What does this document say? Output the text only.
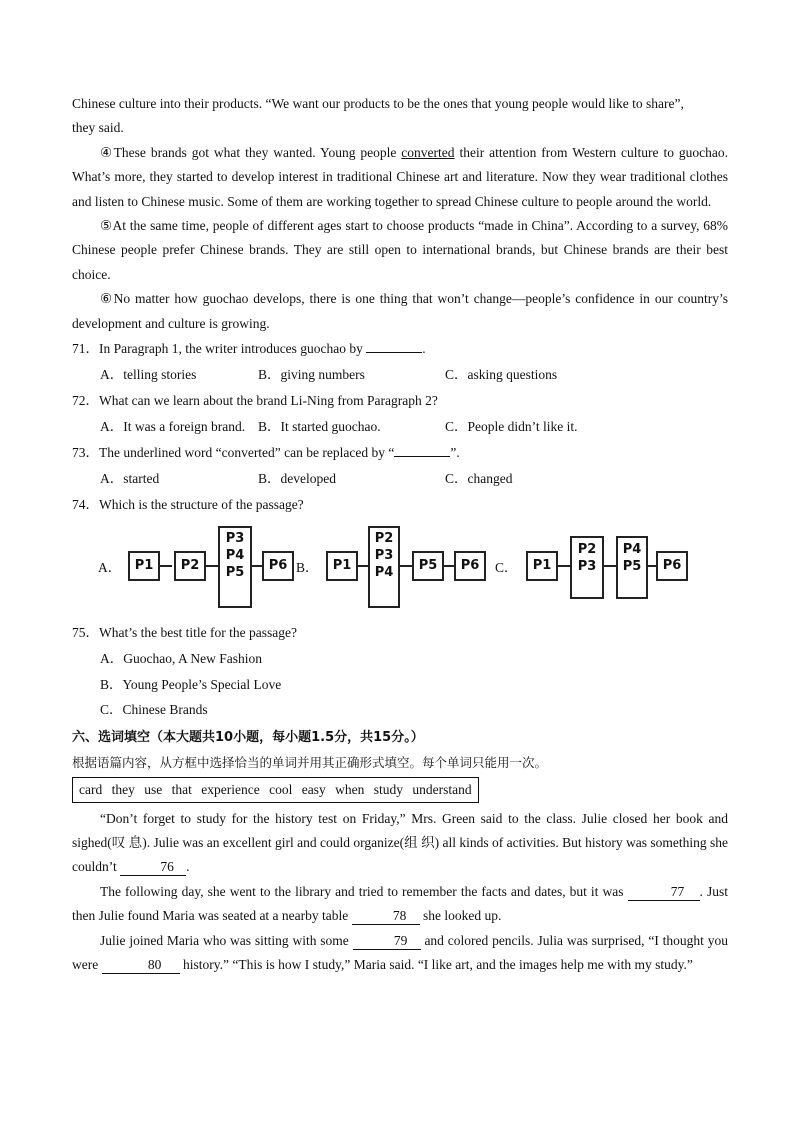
Chinese culture into their products. “We want our products to be the ones that young people would like to share”,
they said.
④These brands got what they wanted. Young people converted their attention from Western culture to guochao. What’s more, they started to develop interest in traditional Chinese art and literature. Now they wear traditional clothes and listen to Chinese music. Some of them are working together to spread Chinese culture to people around the world.
⑤At the same time, people of different ages start to choose products “made in China”. According to a survey, 68% Chinese people prefer Chinese brands. They are still open to international brands, but Chinese brands are their best choice.
⑥No matter how guochao develops, there is one thing that won’t change—people’s confidence in our country’s development and culture is growing.
71．In Paragraph 1, the writer introduces guochao by	.
A．telling stories	B．giving numbers	C．asking questions
72．What can we learn about the brand Li-Ning from Paragraph 2?
A．It was a foreign brand. B．It started guochao.	C．People didn’t like it.
73．The underlined word “converted” can be replaced by “	”.
A．started	B．developed	C．changed
74．Which is the structure of the passage?
A．	P1	P2
P3
P4
P5	P6 B．	P1
P2
P3
P4	P5	P6	C．	P1
P2
P3
P4
P5	P6
75．What’s the best title for the passage?
A．Guochao, A New Fashion
B．Young People’s Special Love
C．Chinese Brands
六、选词填空（本大题共10小题，每小题1.5分，共15分。）
根据语篇内容，从方框中选择恰当的单词并用其正确形式填空。每个单词只能用一次。
card they use that experience cool easy when study understand
“Don’t forget to study for the history test on Friday,” Mrs. Green said to the class. Julie closed her book and sighed(叹 息). Julie was an excellent girl and could organize(组 织) all kinds of activities. But history was something she couldn’t	76 .
The following day, she went to the library and tried to remember the facts and dates, but it was	77 . Just then Julie found Maria was seated at a nearby table	78 she looked up.
Julie joined Maria who was sitting with some	79 and colored pencils. Julia was surprised, “I thought you were	80 history.” “This is how I study,” Maria said. “I like art, and the images help me with my study.”
